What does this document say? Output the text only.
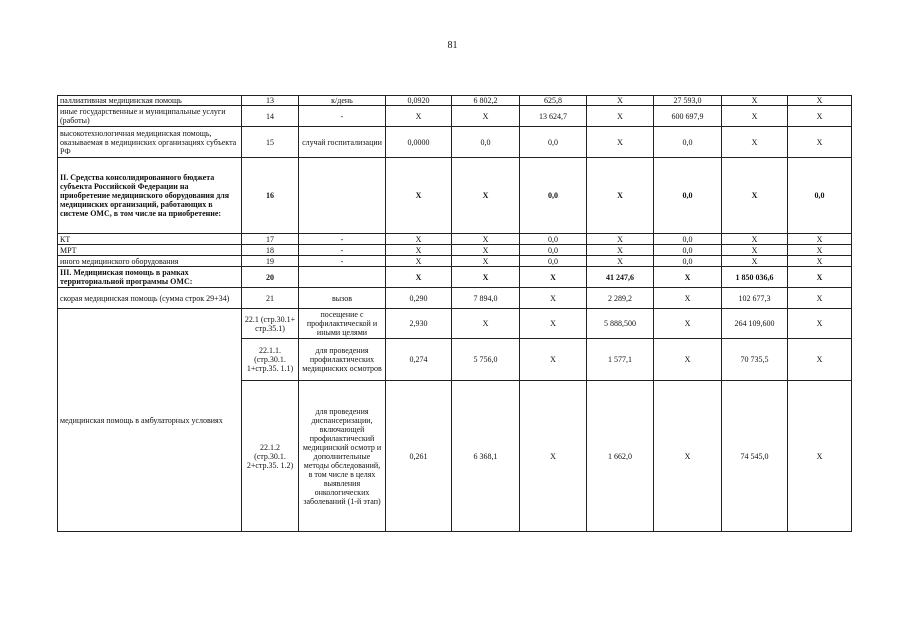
81
паллиативная медицинская помощь	13	к/день	0,0920	6 802,2	625,8	X	27 593,0	X	X
иные государственные и муниципальные услуги (работы)	14	-	X	X	13 624,7	X	600 697,9	X	X
высокотехнологичная медицинская помощь, оказываемая в медицинских организациях субъекта РФ	15	случай госпитализации	0,0000	0,0	0,0	X	0,0	X	X
II. Средства консолидированного бюджета субъекта Российской Федерации на приобретение медицинского оборудования для медицинских организаций, работающих в системе ОМС, в том числе на приобретение:	16		X	X	0,0	X	0,0	X	0,0
КТ	17	-	X	X	0,0	X	0,0	X	X
МРТ	18	-	X	X	0,0	X	0,0	X	X
иного медицинского оборудования	19	-	X	X	0,0	X	0,0	X	X
III. Медицинская помощь в рамках территориальной программы ОМС:	20		X	X	X	41 247,6	X	1 850 036,6	X
скорая медицинская помощь (сумма строк 29+34)	21	вызов	0,290	7 894,0	X	2 289,2	X	102 677,3	X
медицинская помощь в амбулаторных условиях	22.1 (стр.30.1+ стр.35.1)	посещение с профилактической и иными целями	2,930	X	X	5 888,500	X	264 109,600	X
	22.1.1. (стр.30.1. 1+стр.35. 1.1)	для проведения профилактических медицинских осмотров	0,274	5 756,0	X	1 577,1	X	70 735,5	X
	22.1.2 (стр.30.1. 2+стр.35. 1.2)	для проведения диспансеризации, включающей профилактический медицинский осмотр и дополнительные методы обследований, в том числе в целях выявления онкологических заболеваний (1-й этап)	0,261	6 368,1	X	1 662,0	X	74 545,0	X
